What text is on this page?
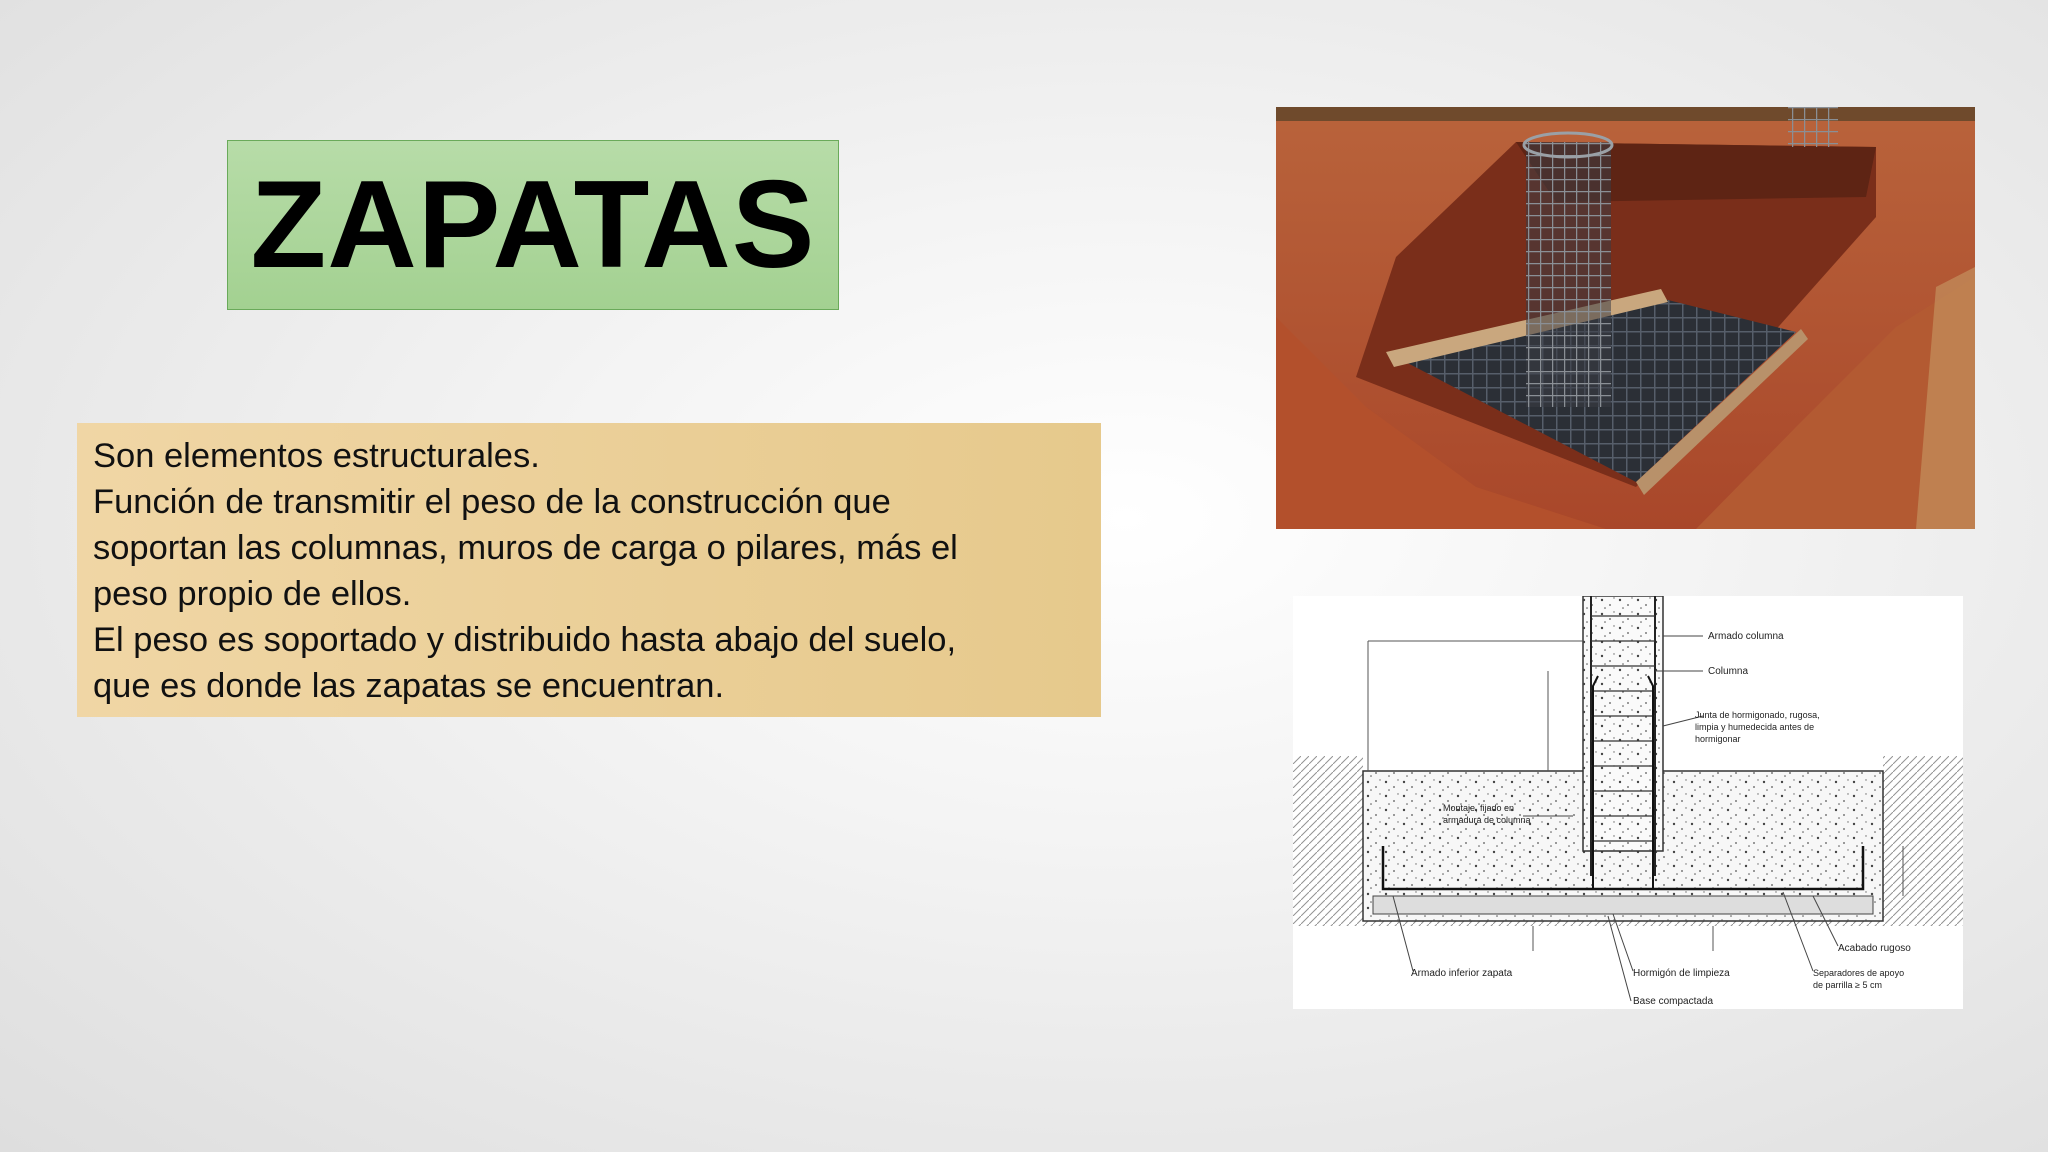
ZAPATAS

Son elementos estructurales.

Función de transmitir el peso de la construcción que

soportan las columnas, muros de carga o pilares, más el

peso propio de ellos.

El peso es soportado y distribuido hasta abajo del suelo,

que es donde las zapatas se encuentran.

Armado columna
Columna
Junta de hormigonado, rugosa,
limpia y humedecida antes de
hormigonar
Montaje, fijado en
armadura de columna
Acabado rugoso
Armado inferior zapata	Hormigón de limpieza	Separadores de apoyo
de parrilla ≥ 5 cm
Base compactada
